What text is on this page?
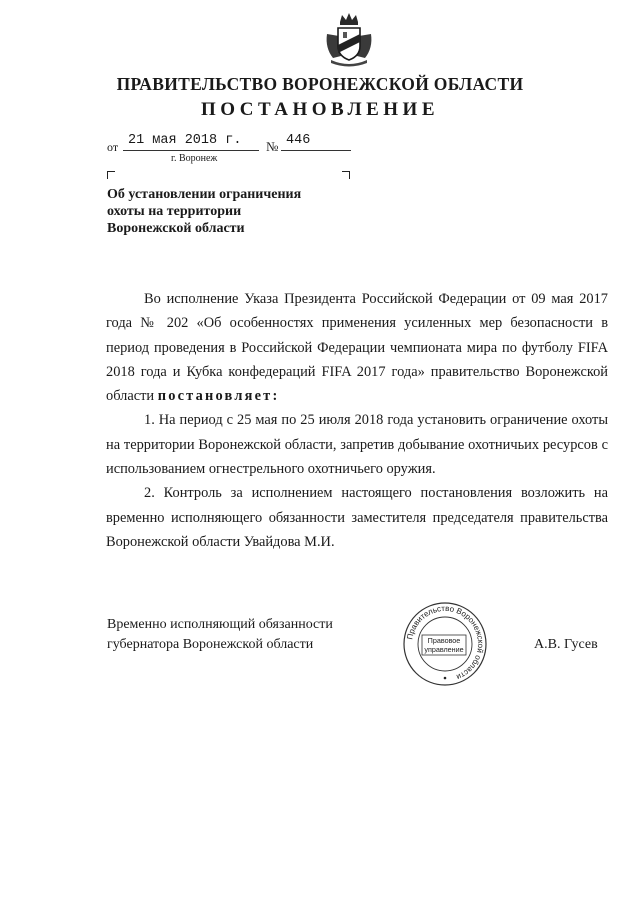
ПРАВИТЕЛЬСТВО ВОРОНЕЖСКОЙ ОБЛАСТИ
ПОСТАНОВЛЕНИЕ
от 21 мая 2018 г. № 446
г. Воронеж
Об установлении ограничения
охоты на территории
Воронежской области

Во исполнение Указа Президента Российской Федерации от 09 мая 2017 года № 202 «Об особенностях применения усиленных мер безопасности в период проведения в Российской Федерации чемпионата мира по футболу FIFA 2018 года и Кубка конфедераций FIFA 2017 года» правительство Воронежской области постановляет:

1. На период с 25 мая по 25 июля 2018 года установить ограничение охоты на территории Воронежской области, запретив добывание охотничьих ресурсов с использованием огнестрельного охотничьего оружия.

2. Контроль за исполнением настоящего постановления возложить на временно исполняющего обязанности заместителя председателя правительства Воронежской области Увайдова М.И.

Временно исполняющий обязанности
губернатора Воронежской области
Правительство Воронежской области
Правовое
управление	А.В. Гусев
